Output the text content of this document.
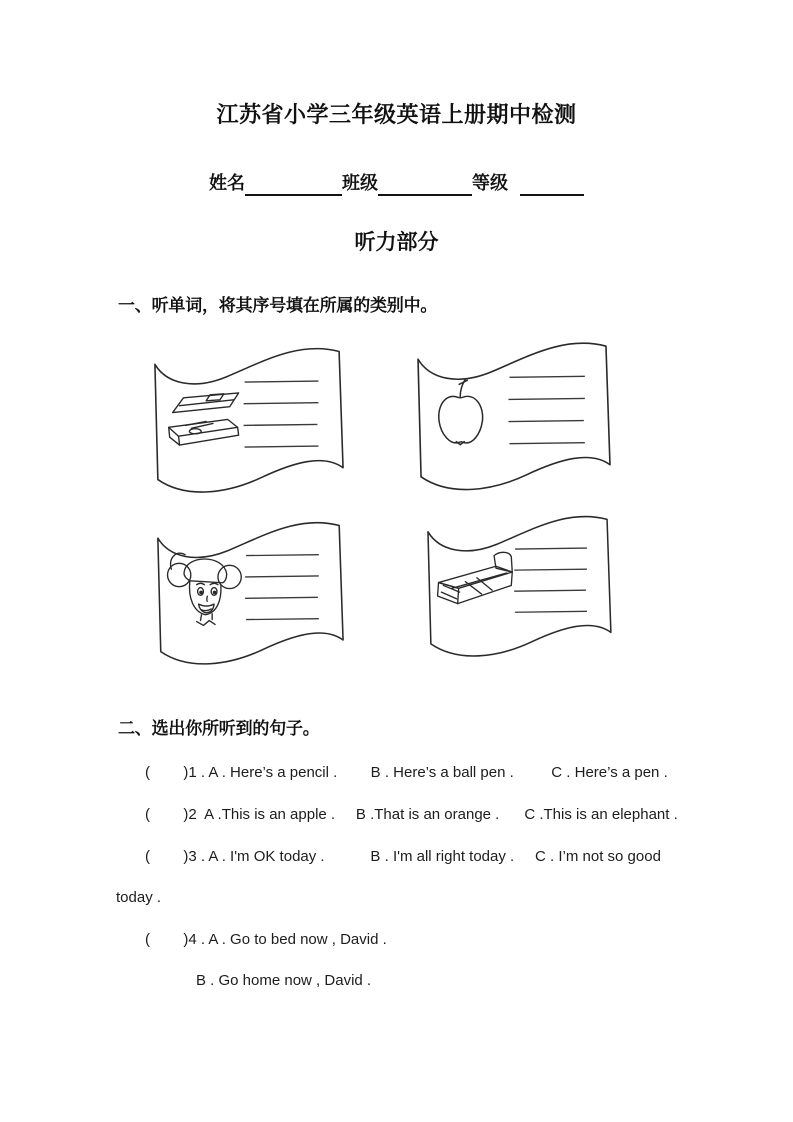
江苏省小学三年级英语上册期中检测
姓名	班级	等级
听力部分
一、听单词，将其序号填在所属的类别中。
二、选出你所听到的句子。
(        )1 . A . Here’s a pencil .        B . Here’s a ball pen .         C . Here’s a pen .
(        )2  A .This is an apple .     B .That is an orange .      C .This is an elephant .
(        )3 . A . I'm OK today .           B . I'm all right today .     C . I’m not so good
today .
(        )4 . A . Go to bed now , David .
B . Go home now , David .
